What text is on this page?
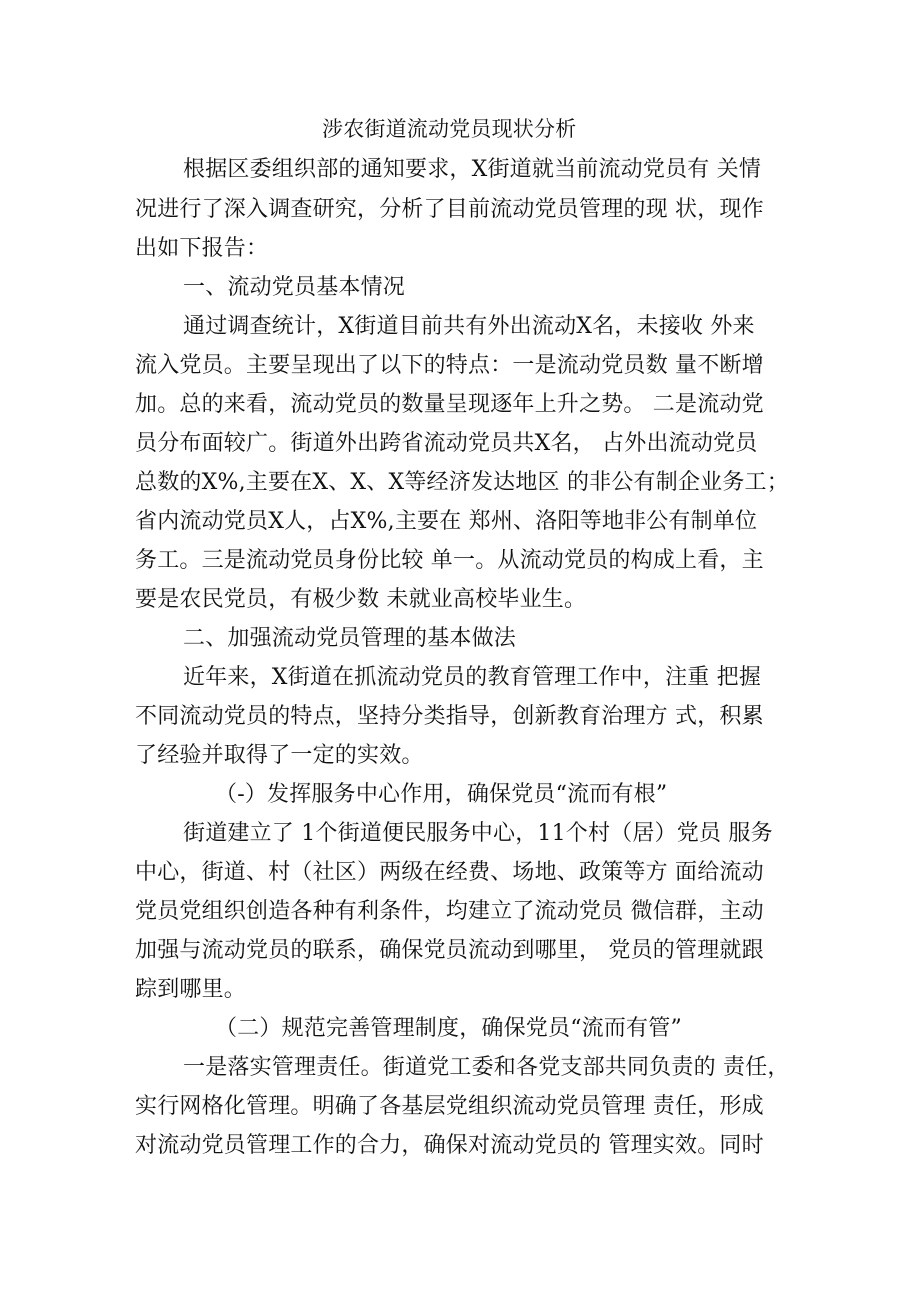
涉农街道流动党员现状分析
根据区委组织部的通知要求，X街道就当前流动党员有 关情
况进行了深入调查研究，分析了目前流动党员管理的现 状，现作
出如下报告：
一、流动党员基本情况
通过调查统计，X街道目前共有外出流动X名，未接收 外来
流入党员。主要呈现出了以下的特点：一是流动党员数 量不断增
加。总的来看，流动党员的数量呈现逐年上升之势。 二是流动党
员分布面较广。街道外出跨省流动党员共X名， 占外出流动党员
总数的X%,主要在X、X、X等经济发达地区 的非公有制企业务工；
省内流动党员X人，占X%,主要在 郑州、洛阳等地非公有制单位
务工。三是流动党员身份比较 单一。从流动党员的构成上看，主
要是农民党员，有极少数 未就业高校毕业生。
二、加强流动党员管理的基本做法
近年来，X街道在抓流动党员的教育管理工作中，注重 把握
不同流动党员的特点，坚持分类指导，创新教育治理方 式，积累
了经验并取得了一定的实效。
（-）发挥服务中心作用，确保党员“流而有根”
街道建立了 1个街道便民服务中心，11个村（居）党员 服务
中心，街道、村（社区）两级在经费、场地、政策等方 面给流动
党员党组织创造各种有利条件，均建立了流动党员 微信群，主动
加强与流动党员的联系，确保党员流动到哪里， 党员的管理就跟
踪到哪里。
（二）规范完善管理制度，确保党员“流而有管”
一是落实管理责任。街道党工委和各党支部共同负责的 责任，
实行网格化管理。明确了各基层党组织流动党员管理 责任，形成
对流动党员管理工作的合力，确保对流动党员的 管理实效。同时
